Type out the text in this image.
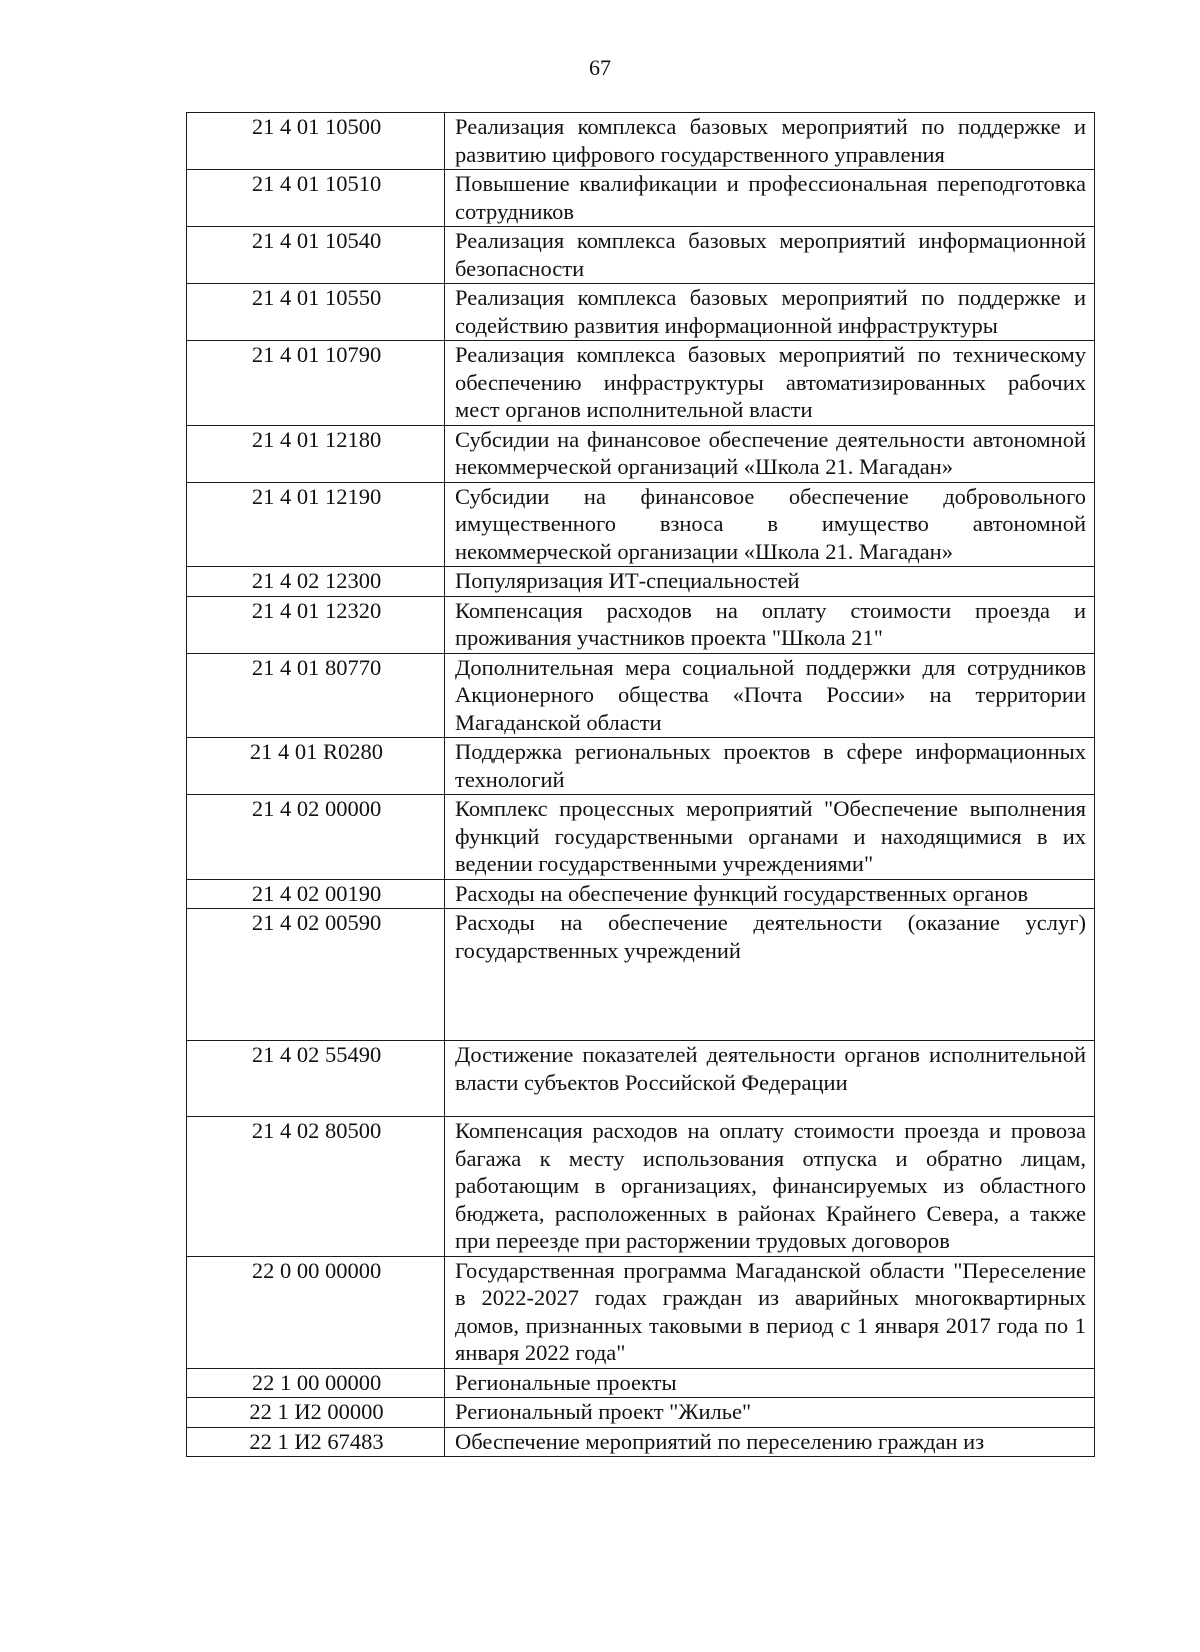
67
21 4 01 10500	Реализация комплекса базовых мероприятий по поддержке и развитию цифрового государственного управления
21 4 01 10510	Повышение квалификации и профессиональная переподготовка сотрудников
21 4 01 10540	Реализация комплекса базовых мероприятий информационной безопасности
21 4 01 10550	Реализация комплекса базовых мероприятий по поддержке и содействию развития информационной инфраструктуры
21 4 01 10790	Реализация комплекса базовых мероприятий по техническому обеспечению инфраструктуры автоматизированных рабочих мест органов исполнительной власти
21 4 01 12180	Субсидии на финансовое обеспечение деятельности автономной некоммерческой организаций «Школа 21. Магадан»
21 4 01 12190	Субсидии на финансовое обеспечение добровольного имущественного взноса в имущество автономной некоммерческой организации «Школа 21. Магадан»
21 4 02 12300	Популяризация ИТ-специальностей
21 4 01 12320	Компенсация расходов на оплату стоимости проезда и проживания участников проекта "Школа 21"
21 4 01 80770	Дополнительная мера социальной поддержки для сотрудников Акционерного общества «Почта России» на территории Магаданской области
21 4 01 R0280	Поддержка региональных проектов в сфере информационных технологий
21 4 02 00000	Комплекс процессных мероприятий "Обеспечение выполнения функций государственными органами и находящимися в их ведении государственными учреждениями"
21 4 02 00190	Расходы на обеспечение функций государственных органов
21 4 02 00590	Расходы на обеспечение деятельности (оказание услуг) государственных учреждений
21 4 02 55490	Достижение показателей деятельности органов исполнительной власти субъектов Российской Федерации
21 4 02 80500	Компенсация расходов на оплату стоимости проезда и провоза багажа к месту использования отпуска и обратно лицам, работающим в организациях, финансируемых из областного бюджета, расположенных в районах Крайнего Севера, а также при переезде при расторжении трудовых договоров
22 0 00 00000	Государственная программа Магаданской области "Переселение в 2022-2027 годах граждан из аварийных многоквартирных домов, признанных таковыми в период с 1 января 2017 года по 1 января 2022 года"
22 1 00 00000	Региональные проекты
22 1 И2 00000	Региональный проект "Жилье"
22 1 И2 67483	Обеспечение мероприятий по переселению граждан из
